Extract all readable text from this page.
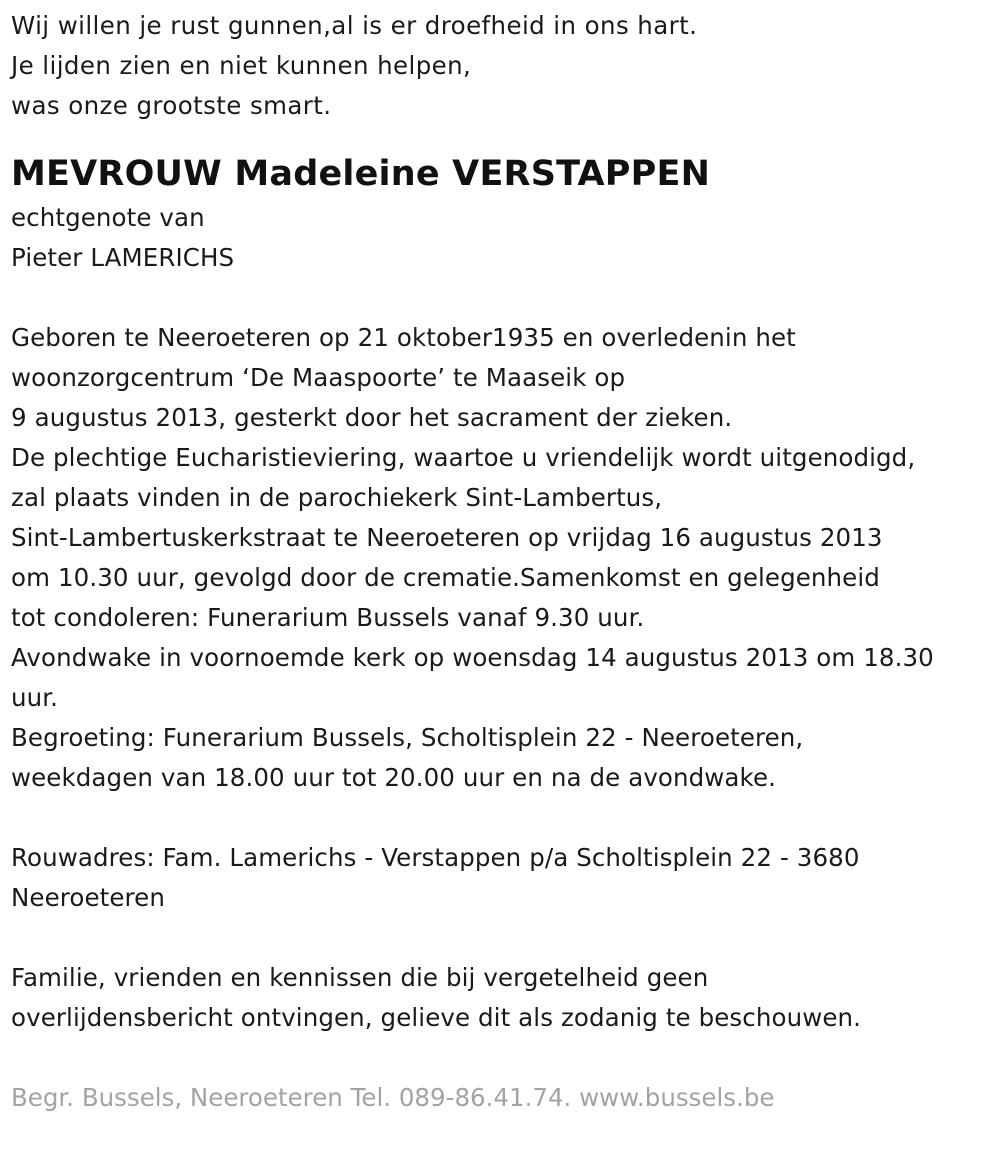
Wij willen je rust gunnen,al is er droefheid in ons hart.
Je lijden zien en niet kunnen helpen,
was onze grootste smart.
MEVROUW Madeleine VERSTAPPEN
echtgenote van
Pieter LAMERICHS
Geboren te Neeroeteren op 21 oktober1935 en overledenin het
woonzorgcentrum ‘De Maaspoorte’ te Maaseik op
9 augustus 2013, gesterkt door het sacrament der zieken.
De plechtige Eucharistieviering, waartoe u vriendelijk wordt uitgenodigd,
zal plaats vinden in de parochiekerk Sint-Lambertus,
Sint-Lambertuskerkstraat te Neeroeteren op vrijdag 16 augustus 2013
om 10.30 uur, gevolgd door de crematie.Samenkomst en gelegenheid
tot condoleren: Funerarium Bussels vanaf 9.30 uur.
Avondwake in voornoemde kerk op woensdag 14 augustus 2013 om 18.30
uur.
Begroeting: Funerarium Bussels, Scholtisplein 22 - Neeroeteren,
weekdagen van 18.00 uur tot 20.00 uur en na de avondwake.
Rouwadres: Fam. Lamerichs - Verstappen p/a Scholtisplein 22 - 3680
Neeroeteren
Familie, vrienden en kennissen die bij vergetelheid geen
overlijdensbericht ontvingen, gelieve dit als zodanig te beschouwen.
Begr. Bussels, Neeroeteren Tel. 089-86.41.74. www.bussels.be
